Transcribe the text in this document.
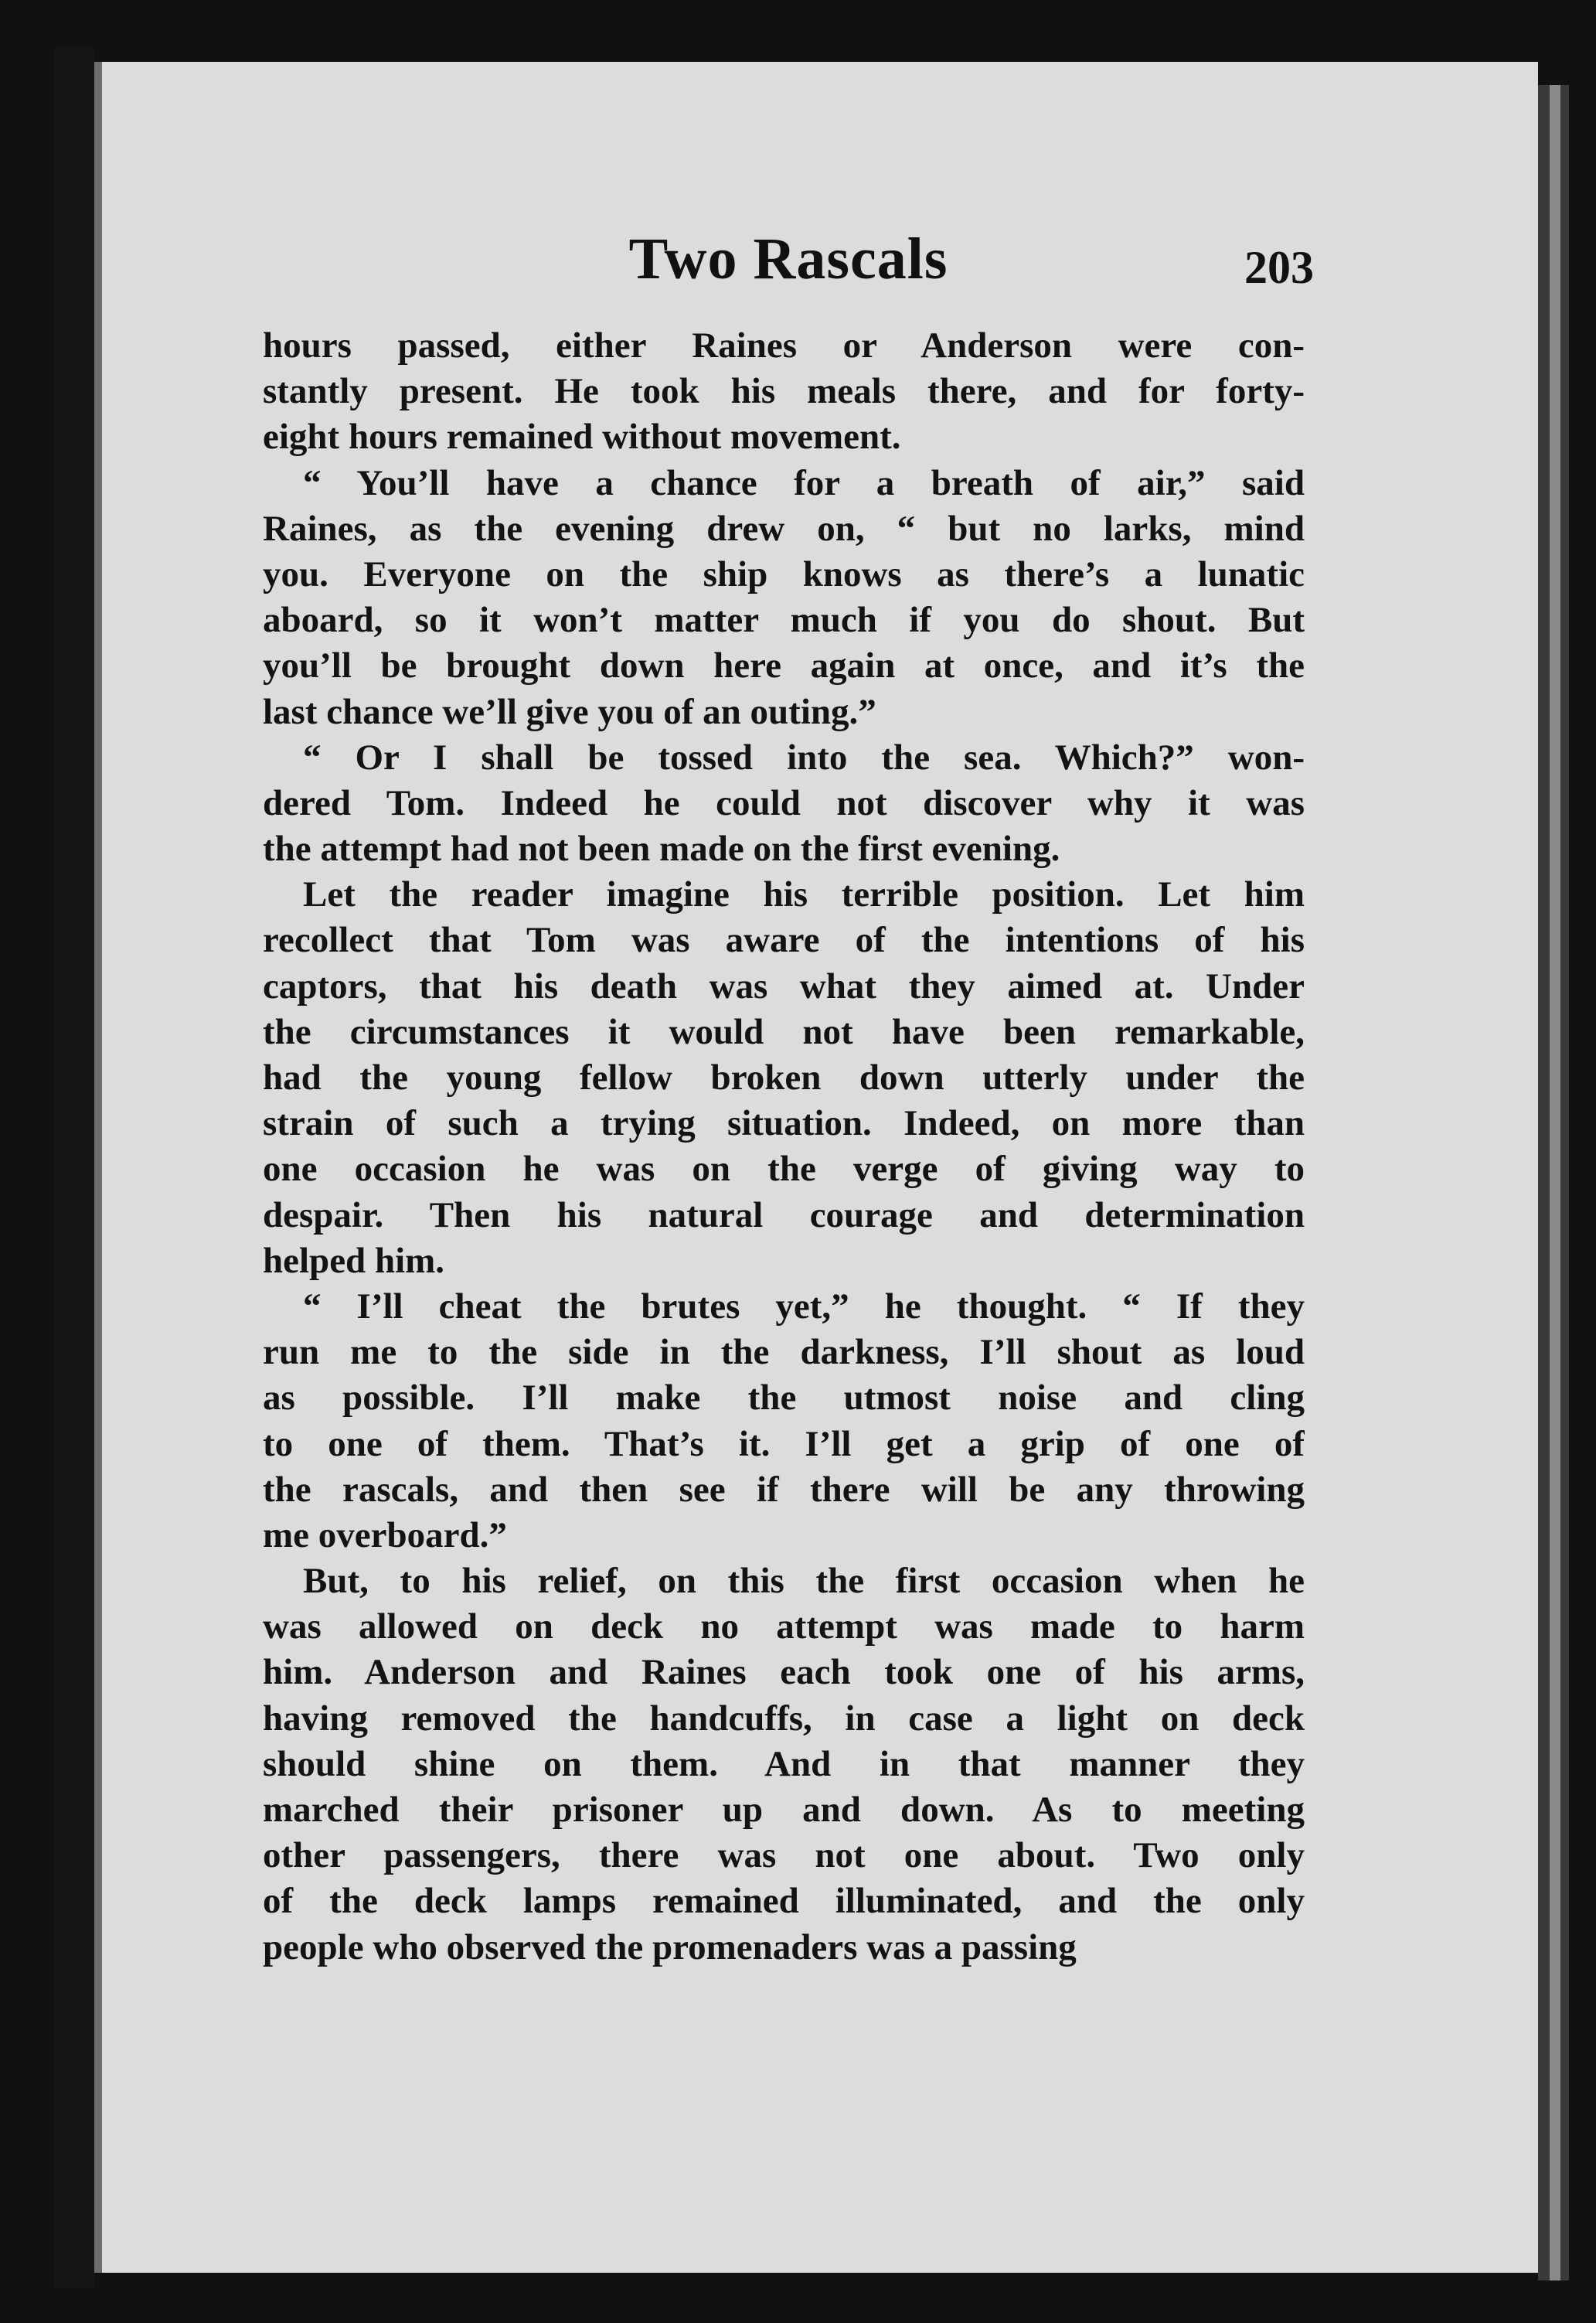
Two Rascals	203
hours passed, either Raines or Anderson were con-
stantly present. He took his meals there, and for forty-
eight hours remained without movement.
“ You’ll have a chance for a breath of air,” said
Raines, as the evening drew on, “ but no larks, mind
you. Everyone on the ship knows as there’s a lunatic
aboard, so it won’t matter much if you do shout. But
you’ll be brought down here again at once, and it’s the
last chance we’ll give you of an outing.”
“ Or I shall be tossed into the sea. Which?” won-
dered Tom. Indeed he could not discover why it was
the attempt had not been made on the first evening.
Let the reader imagine his terrible position. Let him
recollect that Tom was aware of the intentions of his
captors, that his death was what they aimed at. Under
the circumstances it would not have been remarkable,
had the young fellow broken down utterly under the
strain of such a trying situation. Indeed, on more than
one occasion he was on the verge of giving way to
despair. Then his natural courage and determination
helped him.
“ I’ll cheat the brutes yet,” he thought. “ If they
run me to the side in the darkness, I’ll shout as loud
as possible. I’ll make the utmost noise and cling
to one of them. That’s it. I’ll get a grip of one of
the rascals, and then see if there will be any throwing
me overboard.”
But, to his relief, on this the first occasion when he
was allowed on deck no attempt was made to harm
him. Anderson and Raines each took one of his arms,
having removed the handcuffs, in case a light on deck
should shine on them. And in that manner they
marched their prisoner up and down. As to meeting
other passengers, there was not one about. Two only
of the deck lamps remained illuminated, and the only
people who observed the promenaders was a passing
